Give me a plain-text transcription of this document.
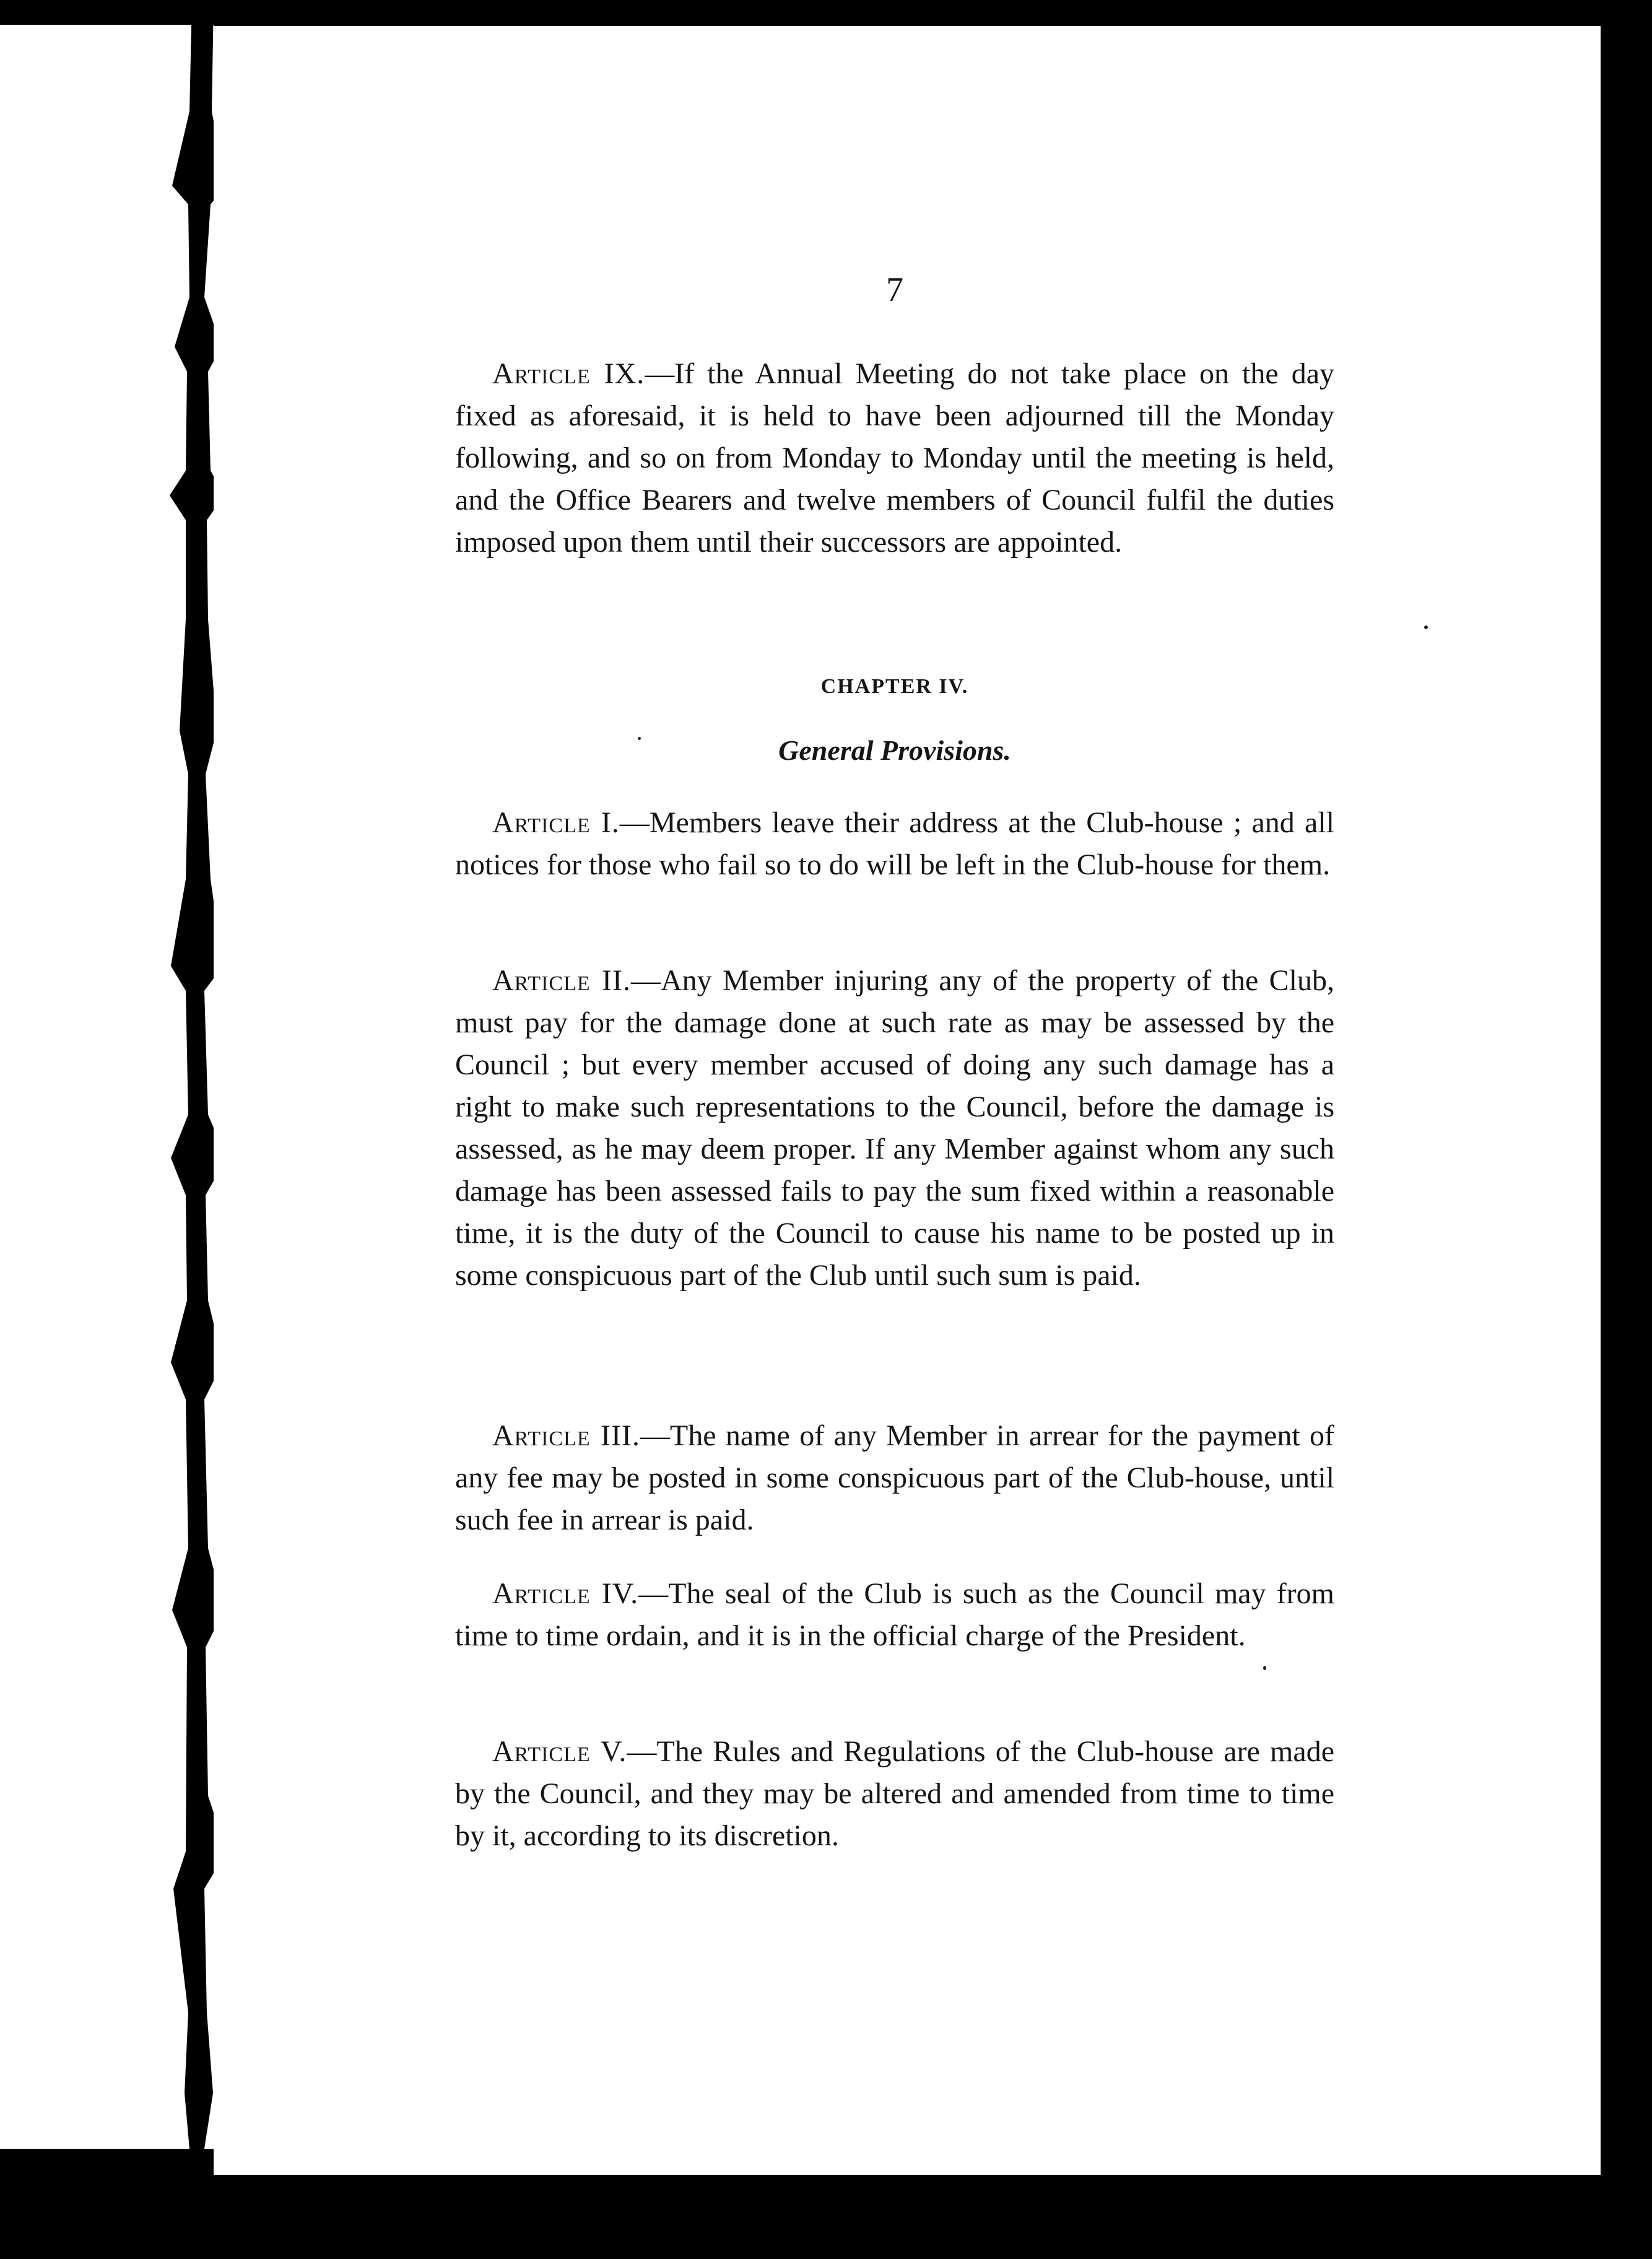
7

Article IX.—If the Annual Meeting do not take place on the day fixed as aforesaid, it is held to have been adjourned till the Monday following, and so on from Monday to Monday until the meeting is held, and the Office Bearers and twelve members of Council fulfil the duties imposed upon them until their successors are appointed.

CHAPTER IV.
General Provisions.

Article I.—Members leave their address at the Club-house ; and all notices for those who fail so to do will be left in the Club-house for them.

Article II.—Any Member injuring any of the property of the Club, must pay for the damage done at such rate as may be assessed by the Council ; but every member accused of doing any such damage has a right to make such representations to the Council, before the damage is assessed, as he may deem proper. If any Member against whom any such damage has been assessed fails to pay the sum fixed within a reasonable time, it is the duty of the Council to cause his name to be posted up in some conspicuous part of the Club until such sum is paid.

Article III.—The name of any Member in arrear for the payment of any fee may be posted in some conspicuous part of the Club-house, until such fee in arrear is paid.

Article IV.—The seal of the Club is such as the Council may from time to time ordain, and it is in the official charge of the President.

Article V.—The Rules and Regulations of the Club-house are made by the Council, and they may be altered and amended from time to time by it, according to its discretion.
